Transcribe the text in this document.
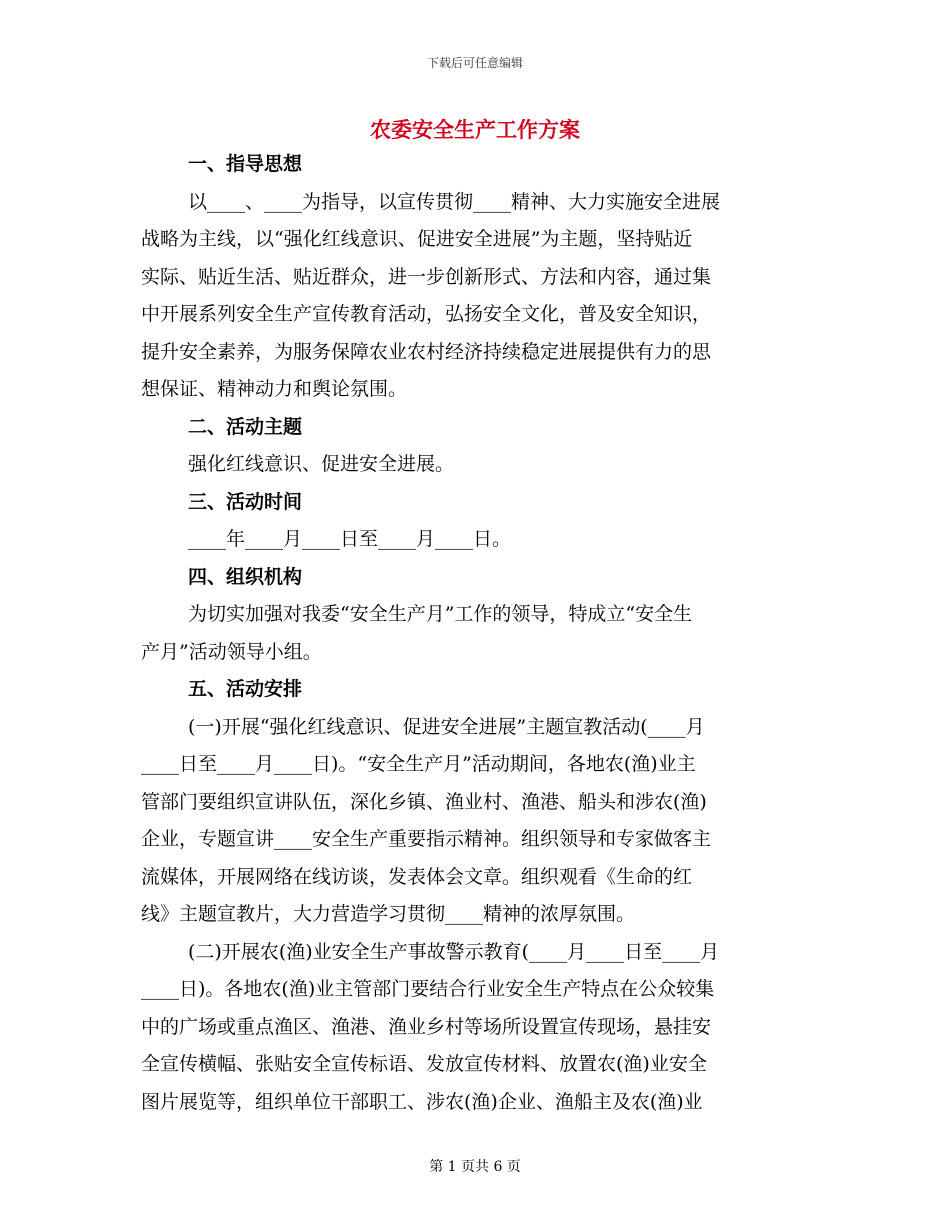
下载后可任意编辑
农委安全生产工作方案

一、指导思想

以____、____为指导，以宣传贯彻____精神、大力实施安全进展

战略为主线，以“强化红线意识、促进安全进展”为主题，坚持贴近

实际、贴近生活、贴近群众，进一步创新形式、方法和内容，通过集

中开展系列安全生产宣传教育活动，弘扬安全文化，普及安全知识，

提升安全素养，为服务保障农业农村经济持续稳定进展提供有力的思

想保证、精神动力和舆论氛围。

二、活动主题

强化红线意识、促进安全进展。

三、活动时间

____年____月____日至____月____日。

四、组织机构

为切实加强对我委“安全生产月”工作的领导，特成立“安全生

产月”活动领导小组。

五、活动安排

(一)开展“强化红线意识、促进安全进展”主题宣教活动(____月

____日至____月____日)。“安全生产月”活动期间，各地农(渔)业主

管部门要组织宣讲队伍，深化乡镇、渔业村、渔港、船头和涉农(渔)

企业，专题宣讲____安全生产重要指示精神。组织领导和专家做客主

流媒体，开展网络在线访谈，发表体会文章。组织观看《生命的红

线》主题宣教片，大力营造学习贯彻____精神的浓厚氛围。

(二)开展农(渔)业安全生产事故警示教育(____月____日至____月

____日)。各地农(渔)业主管部门要结合行业安全生产特点在公众较集

中的广场或重点渔区、渔港、渔业乡村等场所设置宣传现场，悬挂安

全宣传横幅、张贴安全宣传标语、发放宣传材料、放置农(渔)业安全

图片展览等，组织单位干部职工、涉农(渔)企业、渔船主及农(渔)业

第 1 页共 6 页
